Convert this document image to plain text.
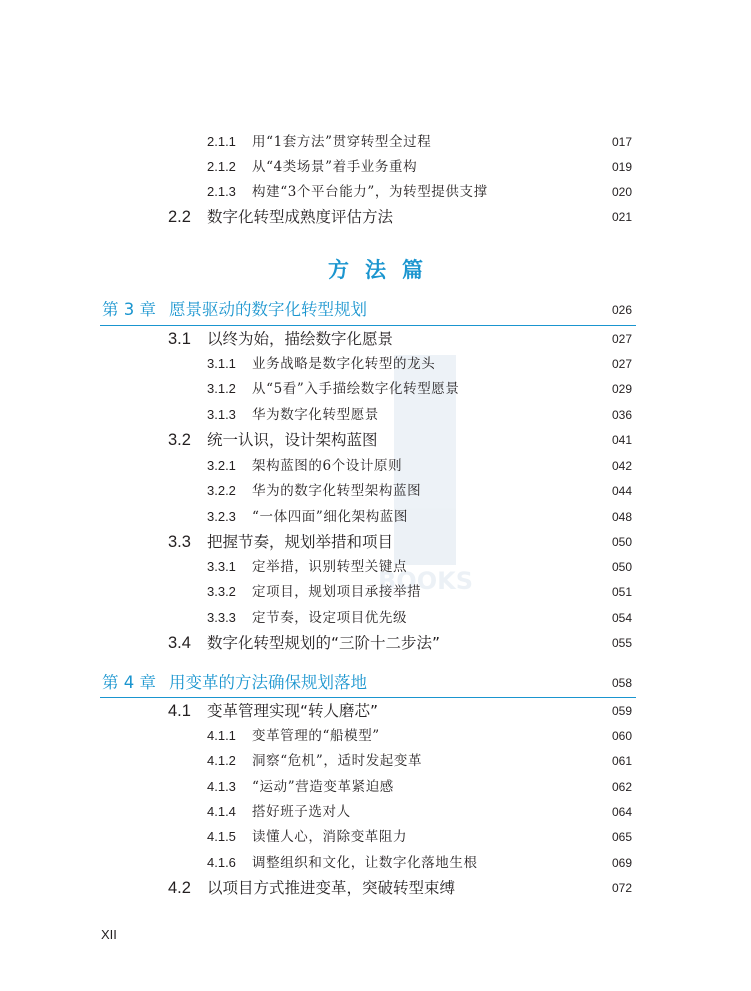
BOOKS
2.1.1 用“1套方法”贯穿转型全过程	017
2.1.2 从“4类场景”着手业务重构	019
2.1.3 构建“3个平台能力”，为转型提供支撑	020
2.2 数字化转型成熟度评估方法	021
第 3 章 愿景驱动的数字化转型规划	026
3.1 以终为始，描绘数字化愿景	027
3.1.1 业务战略是数字化转型的龙头	027
3.1.2 从“5看”入手描绘数字化转型愿景	029
3.1.3 华为数字化转型愿景	036
3.2 统一认识，设计架构蓝图	041
3.2.1 架构蓝图的6个设计原则	042
3.2.2 华为的数字化转型架构蓝图	044
3.2.3 “一体四面”细化架构蓝图	048
3.3 把握节奏，规划举措和项目	050
3.3.1 定举措，识别转型关键点	050
3.3.2 定项目，规划项目承接举措	051
3.3.3 定节奏，设定项目优先级	054
3.4 数字化转型规划的“三阶十二步法”	055
第 4 章 用变革的方法确保规划落地	058
4.1 变革管理实现“转人磨芯”	059
4.1.1 变革管理的“船模型”	060
4.1.2 洞察“危机”，适时发起变革	061
4.1.3 “运动”营造变革紧迫感	062
4.1.4 搭好班子选对人	064
4.1.5 读懂人心，消除变革阻力	065
4.1.6 调整组织和文化，让数字化落地生根	069
4.2 以项目方式推进变革，突破转型束缚	072
方法篇
XII
